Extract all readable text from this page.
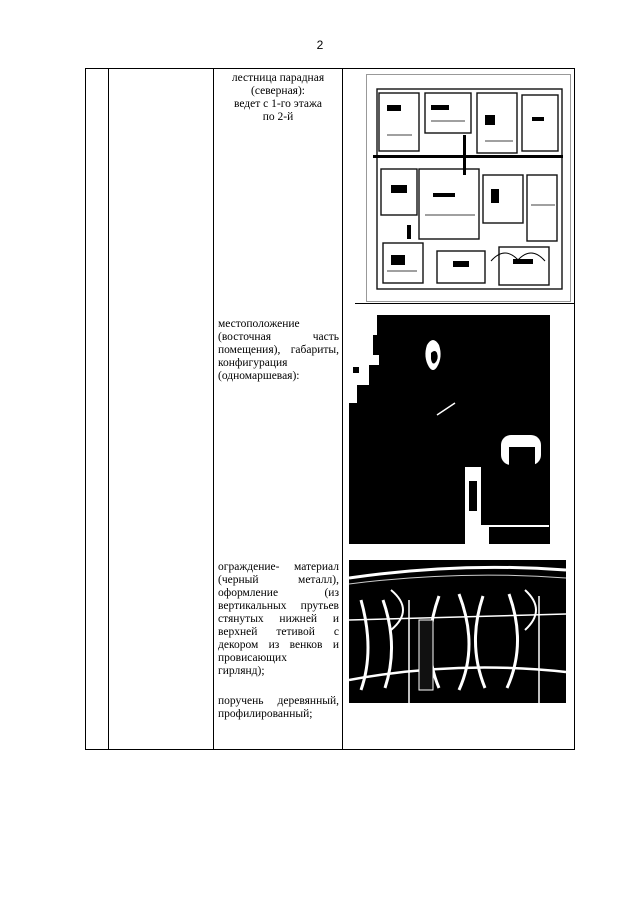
2
лестница парадная
(северная):
ведет с 1-го этажа
по 2-й
местоположение
(восточная часть
помещения), габариты,
конфигурация
(одномаршевая):
ограждение- материал
(черный металл),
оформление (из
вертикальных прутьев
стянутых нижней и
верхней тетивой с
декором из венков и
провисающих
гирлянд);
поручень деревянный,
профилированный;
